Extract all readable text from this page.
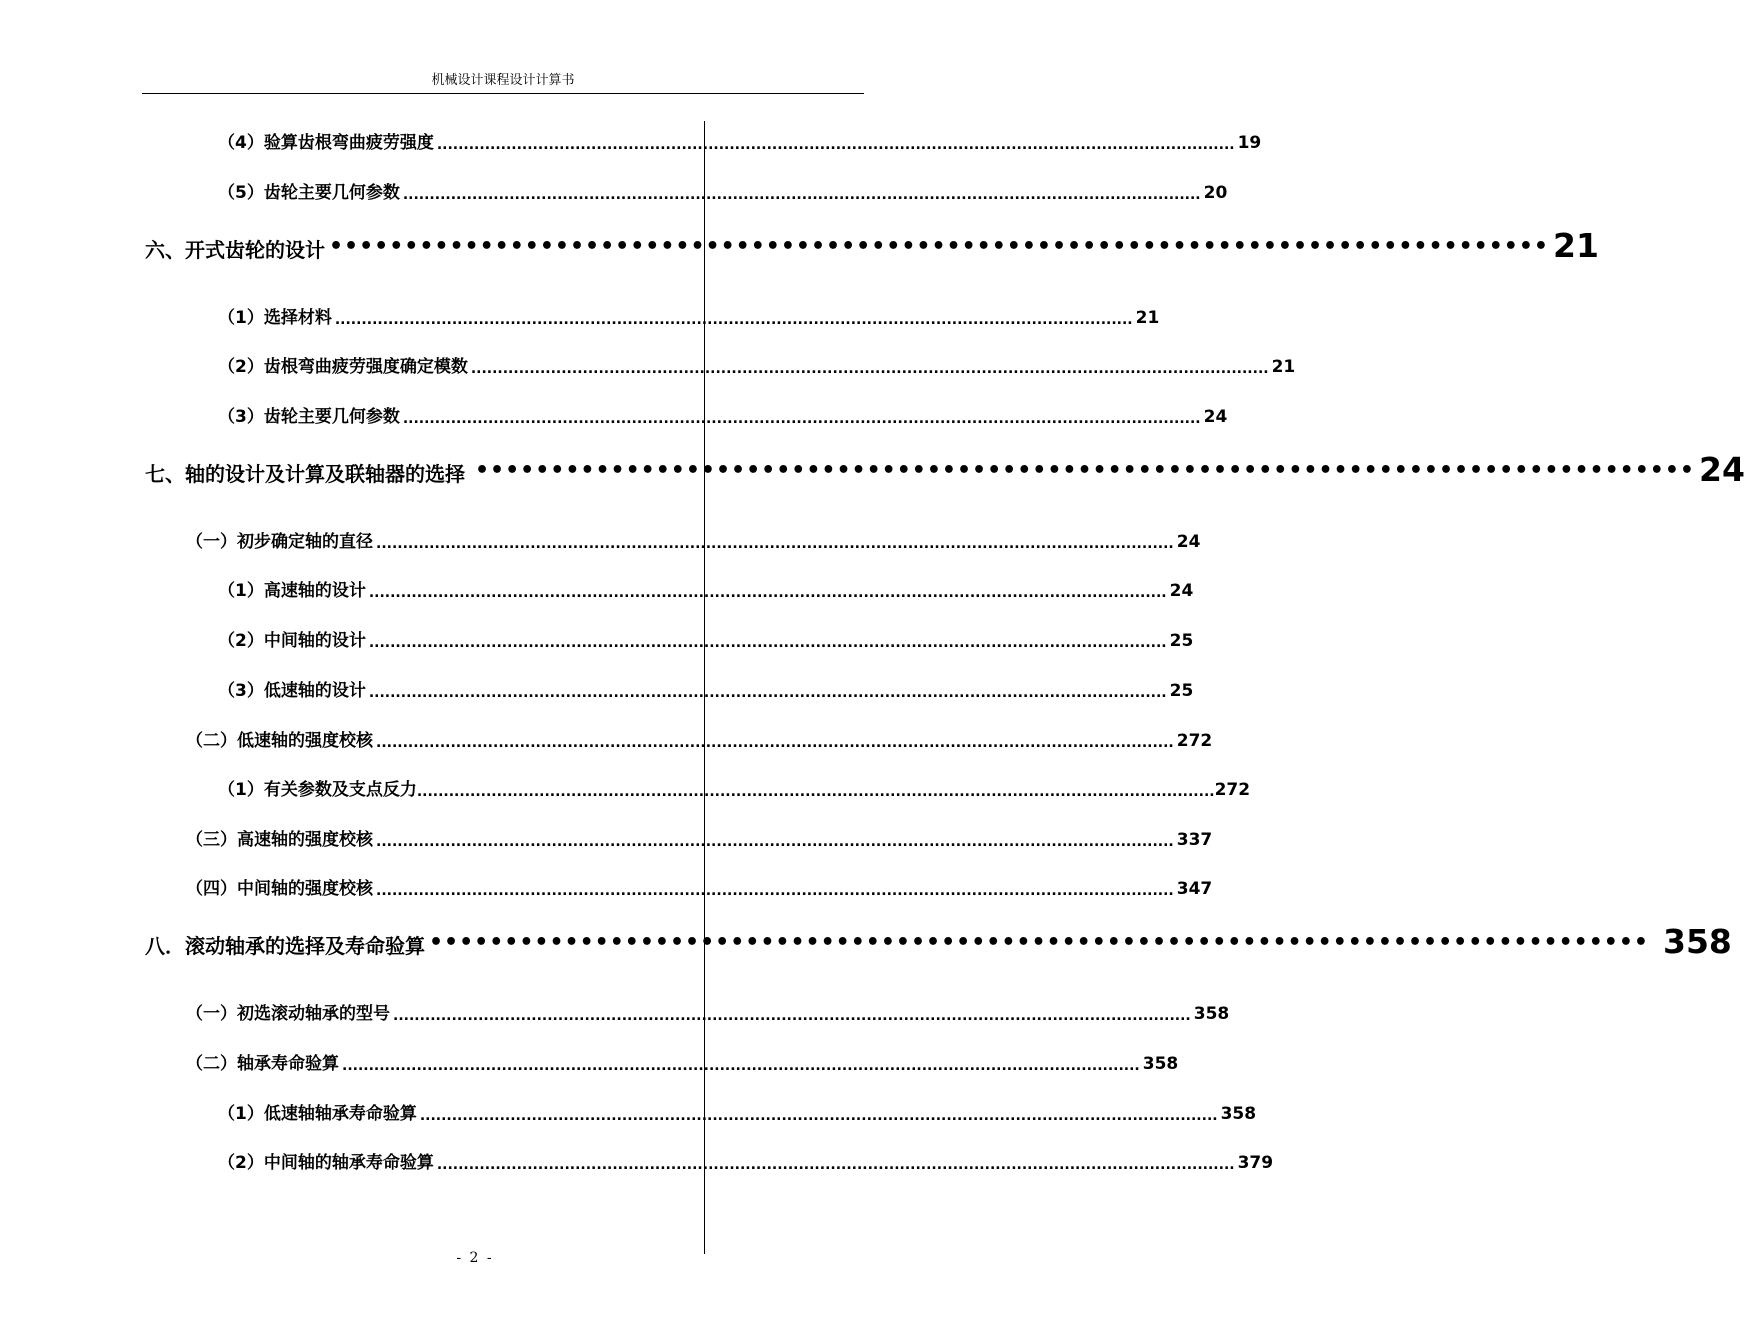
机械设计课程设计计算书
（4）验算齿根弯曲疲劳强度 ...................................................................................................................................................... 19
（5）齿轮主要几何参数 ...................................................................................................................................................... 20
六、开式齿轮的设计 ••••••••••••••••••••••••••••••••••••••••••••••••••••••••••••••••••••••••••••••••• 21
（1）选择材料 ...................................................................................................................................................... 21
（2）齿根弯曲疲劳强度确定模数 ...................................................................................................................................................... 21
（3）齿轮主要几何参数 ...................................................................................................................................................... 24
七、轴的设计及计算及联轴器的选择 ••••••••••••••••••••••••••••••••••••••••••••••••••••••••••••••••••••••••••••••••• 24
（一）初步确定轴的直径 ...................................................................................................................................................... 24
（1）高速轴的设计 ...................................................................................................................................................... 24
（2）中间轴的设计 ...................................................................................................................................................... 25
（3）低速轴的设计 ...................................................................................................................................................... 25
（二）低速轴的强度校核 ...................................................................................................................................................... 272
（1）有关参数及支点反力 ...................................................................................................................................................... 272
（三）高速轴的强度校核 ...................................................................................................................................................... 337
（四）中间轴的强度校核 ...................................................................................................................................................... 347
八．滚动轴承的选择及寿命验算 ••••••••••••••••••••••••••••••••••••••••••••••••••••••••••••••••••••••••••••••••• 358
（一）初选滚动轴承的型号 ...................................................................................................................................................... 358
（二）轴承寿命验算 ...................................................................................................................................................... 358
（1）低速轴轴承寿命验算 ...................................................................................................................................................... 358
（2）中间轴的轴承寿命验算 ...................................................................................................................................................... 379
- 2 -
